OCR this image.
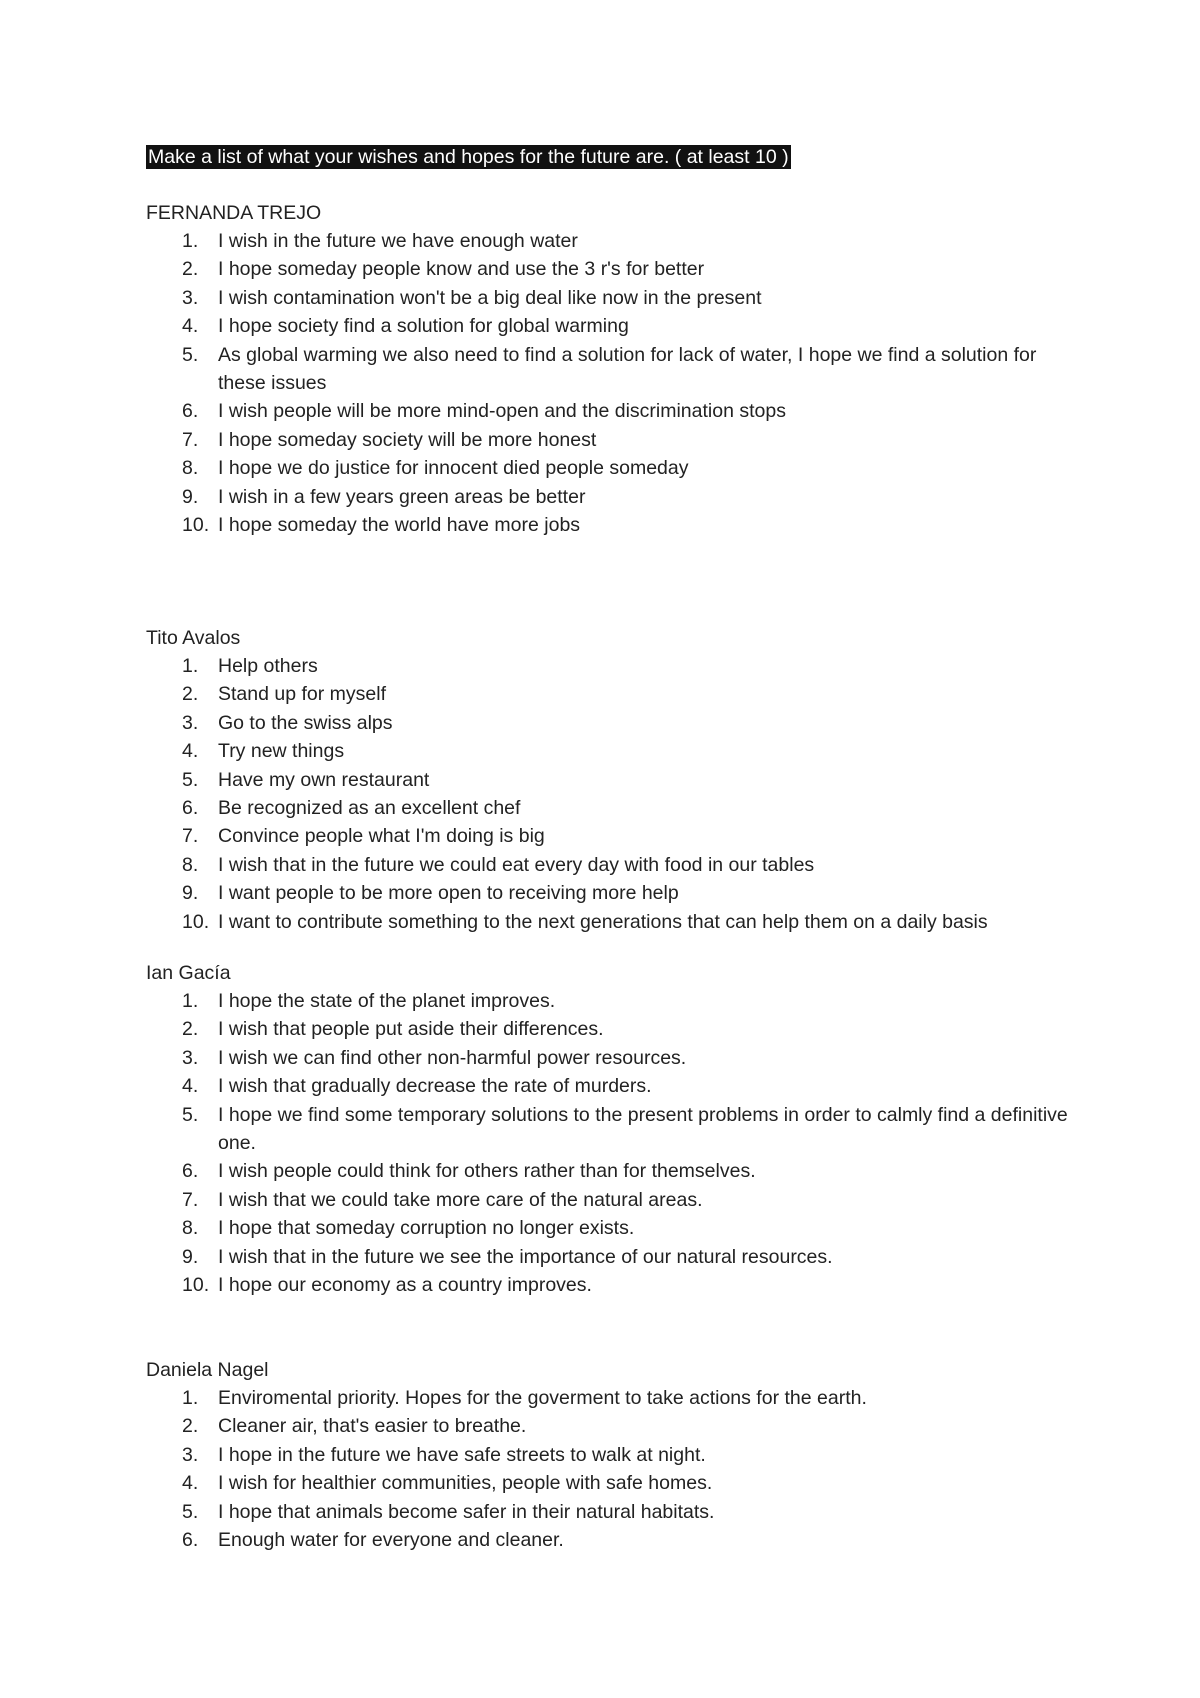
Make a list of what your wishes and hopes for the future are. ( at least 10 )
FERNANDA TREJO
1.	I wish in the future we have enough water
2.	I hope someday people know and use the 3 r's for better
3.	I wish contamination won't be a big deal like now in the present
4.	I hope society find a solution for global warming
5.	As global warming we also need to find a solution for lack of water, I hope we find a solution for these issues
6.	I wish people will be more mind-open and the discrimination stops
7.	I hope someday society will be more honest
8.	I hope we do justice for innocent died people someday
9.	I wish in a few years green areas be better
10. I hope someday the world have more jobs
Tito Avalos
1.	Help others
2.	Stand up for myself
3.	Go to the swiss alps
4.	Try new things
5.	Have my own restaurant
6.	Be recognized as an excellent chef
7.	Convince people what I'm doing is big
8.	I wish that in the future we could eat every day with food in our tables
9.	I want people to be more open to receiving more help
10. I want to contribute something to the next generations that can help them on a daily basis
Ian Gacía
1.	I hope the state of the planet improves.
2.	I wish that people put aside their differences.
3.	I wish we can find other non-harmful power resources.
4.	I wish that gradually decrease the rate of murders.
5.	I hope we find some temporary solutions to the present problems in order to calmly find a definitive one.
6.	I wish people could think for others rather than for themselves.
7.	I wish that we could take more care of the natural areas.
8.	I hope that someday corruption no longer exists.
9.	I wish that in the future we see the importance of our natural resources.
10. I hope our economy as a country improves.
Daniela Nagel
1.	Enviromental priority. Hopes for the goverment to take actions for the earth.
2.	Cleaner air, that's easier to breathe.
3.	I hope in the future we have safe streets to walk at night.
4.	I wish for healthier communities, people with safe homes.
5.	I hope that animals become safer in their natural habitats.
6.	Enough water for everyone and cleaner.
